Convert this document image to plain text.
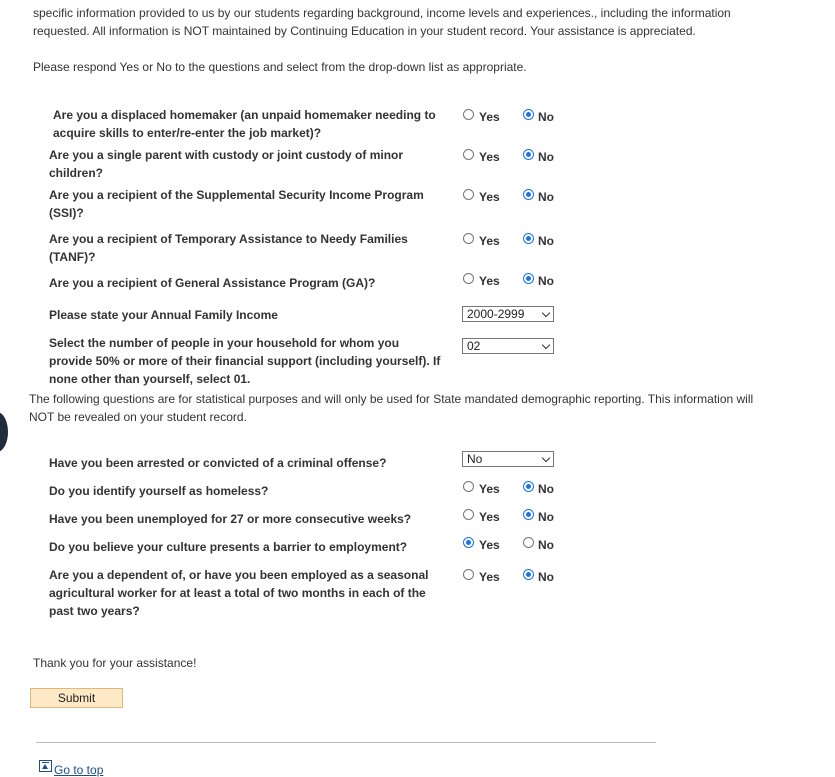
specific information provided to us by our students regarding background, income levels and experiences., including the information
requested. All information is NOT maintained by Continuing Education in your student record. Your assistance is appreciated.
Please respond Yes or No to the questions and select from the drop-down list as appropriate.
Are you a displaced homemaker (an unpaid homemaker needing to
acquire skills to enter/re-enter the job market)?
Yes	No
Are you a single parent with custody or joint custody of minor
children?
Yes	No
Are you a recipient of the Supplemental Security Income Program
(SSI)?
Yes	No
Are you a recipient of Temporary Assistance to Needy Families
(TANF)?
Yes	No
Are you a recipient of General Assistance Program (GA)?	Yes	No
Please state your Annual Family Income	2000-2999
Select the number of people in your household for whom you
provide 50% or more of their financial support (including yourself). If
none other than yourself, select 01.
02
The following questions are for statistical purposes and will only be used for State mandated demographic reporting. This information will
NOT be revealed on your student record.
Have you been arrested or convicted of a criminal offense?	No
Do you identify yourself as homeless?	Yes	No
Have you been unemployed for 27 or more consecutive weeks?	Yes	No
Do you believe your culture presents a barrier to employment?	Yes	No
Are you a dependent of, or have you been employed as a seasonal
agricultural worker for at least a total of two months in each of the
past two years?
Yes	No
Thank you for your assistance!
Submit
Go to top
